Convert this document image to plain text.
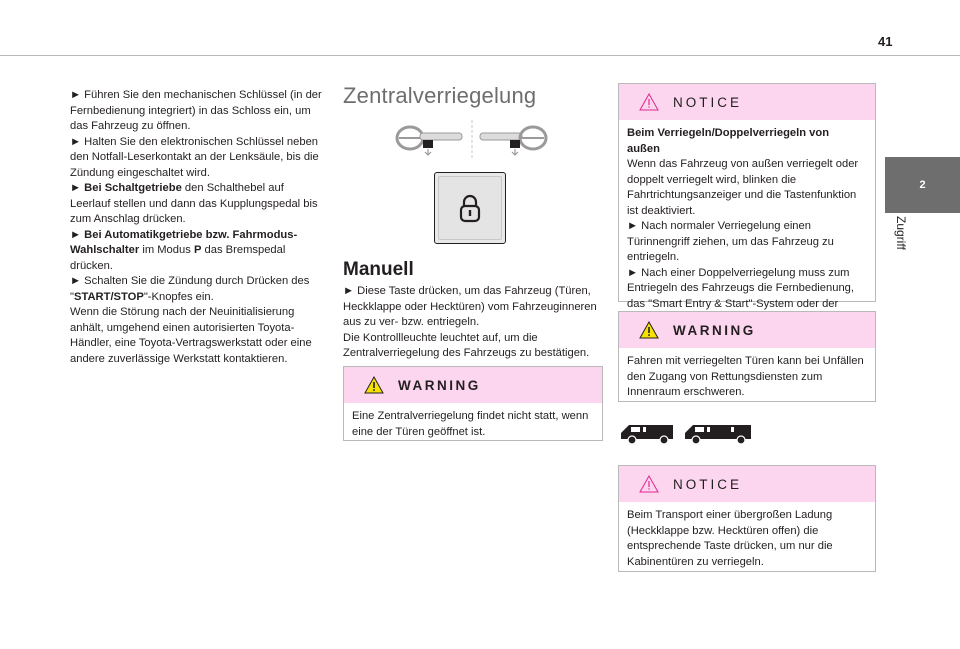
41
2
Zugriff

► Führen Sie den mechanischen Schlüssel (in der Fernbedienung integriert) in das Schloss ein, um das Fahrzeug zu öffnen.

► Halten Sie den elektronischen Schlüssel neben den Notfall-Leserkontakt an der Lenksäule, bis die Zündung eingeschaltet wird.

► Bei Schaltgetriebe den Schalthebel auf Leerlauf stellen und dann das Kupplungspedal bis zum Anschlag drücken.

► Bei Automatikgetriebe bzw. Fahrmodus-Wahlschalter im Modus P das Bremspedal drücken.

► Schalten Sie die Zündung durch Drücken des "START/STOP"-Knopfes ein.

Wenn die Störung nach der Neuinitialisierung anhält, umgehend einen autorisierten Toyota-Händler, eine Toyota-Vertragswerkstatt oder eine andere zuverlässige Werkstatt kontaktieren.

Zentralverriegelung
Manuell

► Diese Taste drücken, um das Fahrzeug (Türen, Heckklappe oder Hecktüren) vom Fahrzeuginneren aus zu ver- bzw. entriegeln.

Die Kontrollleuchte leuchtet auf, um die Zentralverriegelung des Fahrzeugs zu bestätigen.

WARNING
Eine Zentralverriegelung findet nicht statt, wenn eine der Türen geöffnet ist.
NOTICE

Beim Verriegeln/Doppelverriegeln von außen

Wenn das Fahrzeug von außen verriegelt oder doppelt verriegelt wird, blinken die Fahrtrichtungsanzeiger und die Tastenfunktion ist deaktiviert.

► Nach normaler Verriegelung einen Türinnengriff ziehen, um das Fahrzeug zu entriegeln.

► Nach einer Doppelverriegelung muss zum Entriegeln des Fahrzeugs die Fernbedienung, das "Smart Entry & Start"-System oder der

WARNING
Fahren mit verriegelten Türen kann bei Unfällen den Zugang von Rettungsdiensten zum Innenraum erschweren.
NOTICE
Beim Transport einer übergroßen Ladung (Heckklappe bzw. Hecktüren offen) die entsprechende Taste drücken, um nur die Kabinentüren zu verriegeln.
